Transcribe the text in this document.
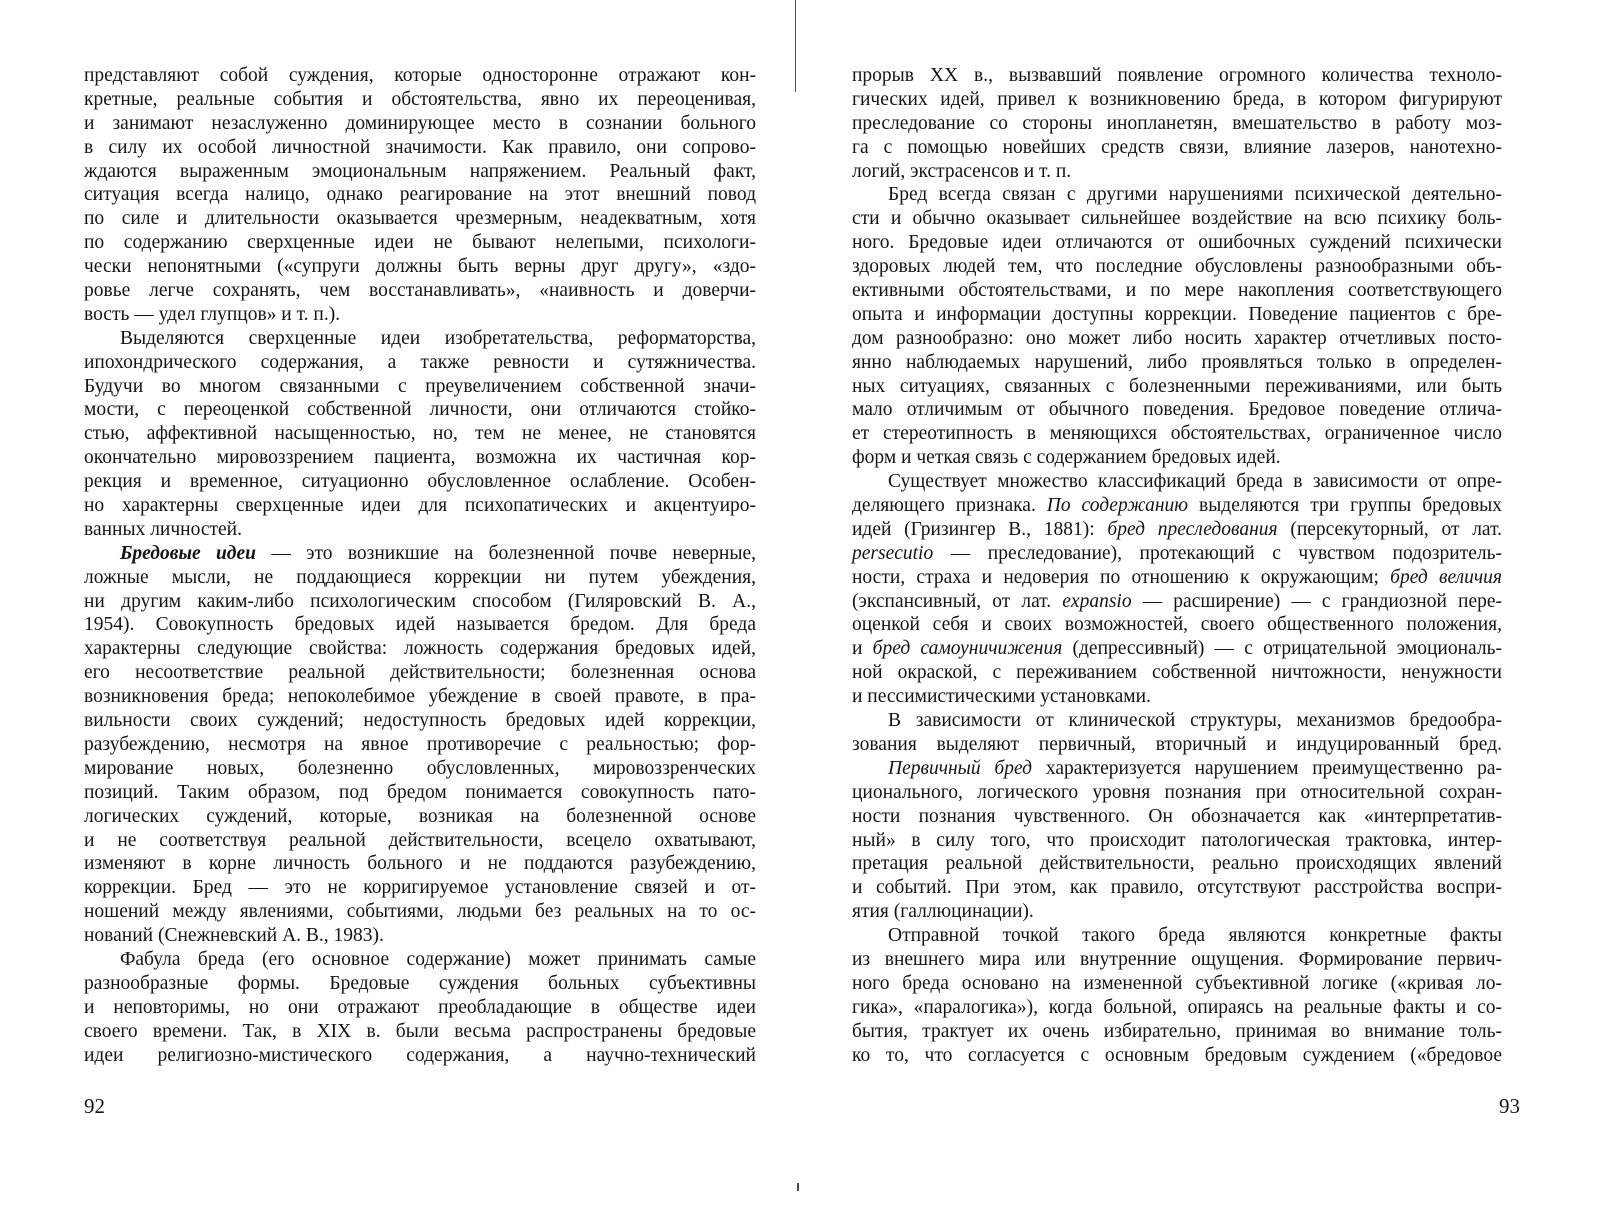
представляют собой суждения, которые односторонне отражают кон-
кретные, реальные события и обстоятельства, явно их переоценивая,
и занимают незаслуженно доминирующее место в сознании больного
в силу их особой личностной значимости. Как правило, они сопрово-
ждаются выраженным эмоциональным напряжением. Реальный факт,
ситуация всегда налицо, однако реагирование на этот внешний повод
по силе и длительности оказывается чрезмерным, неадекватным, хотя
по содержанию сверхценные идеи не бывают нелепыми, психологи-
чески непонятными («супруги должны быть верны друг другу», «здо-
ровье легче сохранять, чем восстанавливать», «наивность и доверчи-
вость — удел глупцов» и т. п.).
Выделяются сверхценные идеи изобретательства, реформаторства,
ипохондрического содержания, а также ревности и сутяжничества.
Будучи во многом связанными с преувеличением собственной значи-
мости, с переоценкой собственной личности, они отличаются стойко-
стью, аффективной насыщенностью, но, тем не менее, не становятся
окончательно мировоззрением пациента, возможна их частичная кор-
рекция и временное, ситуационно обусловленное ослабление. Особен-
но характерны сверхценные идеи для психопатических и акцентуиро-
ванных личностей.
Бредовые идеи — это возникшие на болезненной почве неверные,
ложные мысли, не поддающиеся коррекции ни путем убеждения,
ни другим каким-либо психологическим способом (Гиляровский В. А.,
1954). Совокупность бредовых идей называется бредом. Для бреда
характерны следующие свойства: ложность содержания бредовых идей,
его несоответствие реальной действительности; болезненная основа
возникновения бреда; непоколебимое убеждение в своей правоте, в пра-
вильности своих суждений; недоступность бредовых идей коррекции,
разубеждению, несмотря на явное противоречие с реальностью; фор-
мирование новых, болезненно обусловленных, мировоззренческих
позиций. Таким образом, под бредом понимается совокупность пато-
логических суждений, которые, возникая на болезненной основе
и не соответствуя реальной действительности, всецело охватывают,
изменяют в корне личность больного и не поддаются разубеждению,
коррекции. Бред — это не корригируемое установление связей и от-
ношений между явлениями, событиями, людьми без реальных на то ос-
нований (Снежневский А. В., 1983).
Фабула бреда (его основное содержание) может принимать самые
разнообразные формы. Бредовые суждения больных субъективны
и неповторимы, но они отражают преобладающие в обществе идеи
своего времени. Так, в XIX в. были весьма распространены бредовые
идеи религиозно-мистического содержания, а научно-технический
прорыв XX в., вызвавший появление огромного количества техноло-
гических идей, привел к возникновению бреда, в котором фигурируют
преследование со стороны инопланетян, вмешательство в работу моз-
га с помощью новейших средств связи, влияние лазеров, нанотехно-
логий, экстрасенсов и т. п.
Бред всегда связан с другими нарушениями психической деятельно-
сти и обычно оказывает сильнейшее воздействие на всю психику боль-
ного. Бредовые идеи отличаются от ошибочных суждений психически
здоровых людей тем, что последние обусловлены разнообразными объ-
ективными обстоятельствами, и по мере накопления соответствующего
опыта и информации доступны коррекции. Поведение пациентов с бре-
дом разнообразно: оно может либо носить характер отчетливых посто-
янно наблюдаемых нарушений, либо проявляться только в определен-
ных ситуациях, связанных с болезненными переживаниями, или быть
мало отличимым от обычного поведения. Бредовое поведение отлича-
ет стереотипность в меняющихся обстоятельствах, ограниченное число
форм и четкая связь с содержанием бредовых идей.
Существует множество классификаций бреда в зависимости от опре-
деляющего признака. По содержанию выделяются три группы бредовых
идей (Гризингер В., 1881): бред преследования (персекуторный, от лат.
persecutio — преследование), протекающий с чувством подозритель-
ности, страха и недоверия по отношению к окружающим; бред величия
(экспансивный, от лат. expansio — расширение) — с грандиозной пере-
оценкой себя и своих возможностей, своего общественного положения,
и бред самоуничижения (депрессивный) — с отрицательной эмоциональ-
ной окраской, с переживанием собственной ничтожности, ненужности
и пессимистическими установками.
В зависимости от клинической структуры, механизмов бредообра-
зования выделяют первичный, вторичный и индуцированный бред.
Первичный бред характеризуется нарушением преимущественно ра-
ционального, логического уровня познания при относительной сохран-
ности познания чувственного. Он обозначается как «интерпретатив-
ный» в силу того, что происходит патологическая трактовка, интер-
претация реальной действительности, реально происходящих явлений
и событий. При этом, как правило, отсутствуют расстройства воспри-
ятия (галлюцинации).
Отправной точкой такого бреда являются конкретные факты
из внешнего мира или внутренние ощущения. Формирование первич-
ного бреда основано на измененной субъективной логике («кривая ло-
гика», «паралогика»), когда больной, опираясь на реальные факты и со-
бытия, трактует их очень избирательно, принимая во внимание толь-
ко то, что согласуется с основным бредовым суждением («бредовое
92	93
